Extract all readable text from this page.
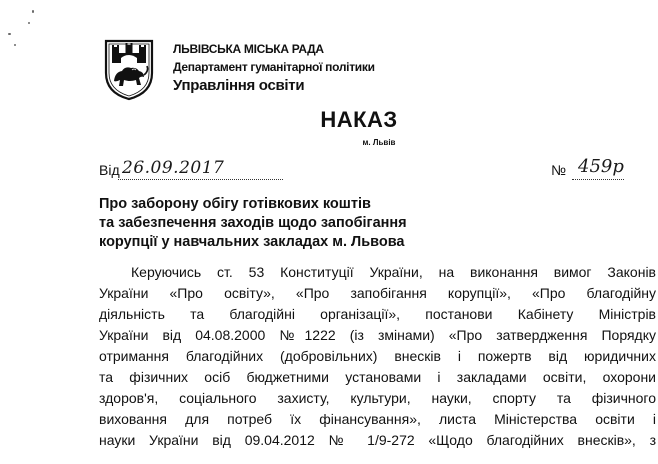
ЛЬВІВСЬКА МІСЬКА РАДА
Департамент гуманітарної політики
Управління освіти
НАКАЗ
м. Львів
Від 26.09.2017	№ 459р
Про заборону обігу готівкових коштів
та забезпечення заходів щодо запобігання
корупції у навчальних закладах м. Львова
Керуючись ст. 53 Конституції України, на виконання вимог Законів
України «Про освіту», «Про запобігання корупції», «Про благодійну
діяльність та благодійні організації», постанови Кабінету Міністрів
України від 04.08.2000 №1222 (із змінами) «Про затвердження Порядку
отримання благодійних (добровільних) внесків і пожертв від юридичних
та фізичних осіб бюджетними установами і закладами освіти, охорони
здоров'я, соціального захисту, культури, науки, спорту та фізичного
виховання для потреб їх фінансування», листа Міністерства освіти і
науки України від 09.04.2012 № 1/9-272 «Щодо благодійних внесків», з
